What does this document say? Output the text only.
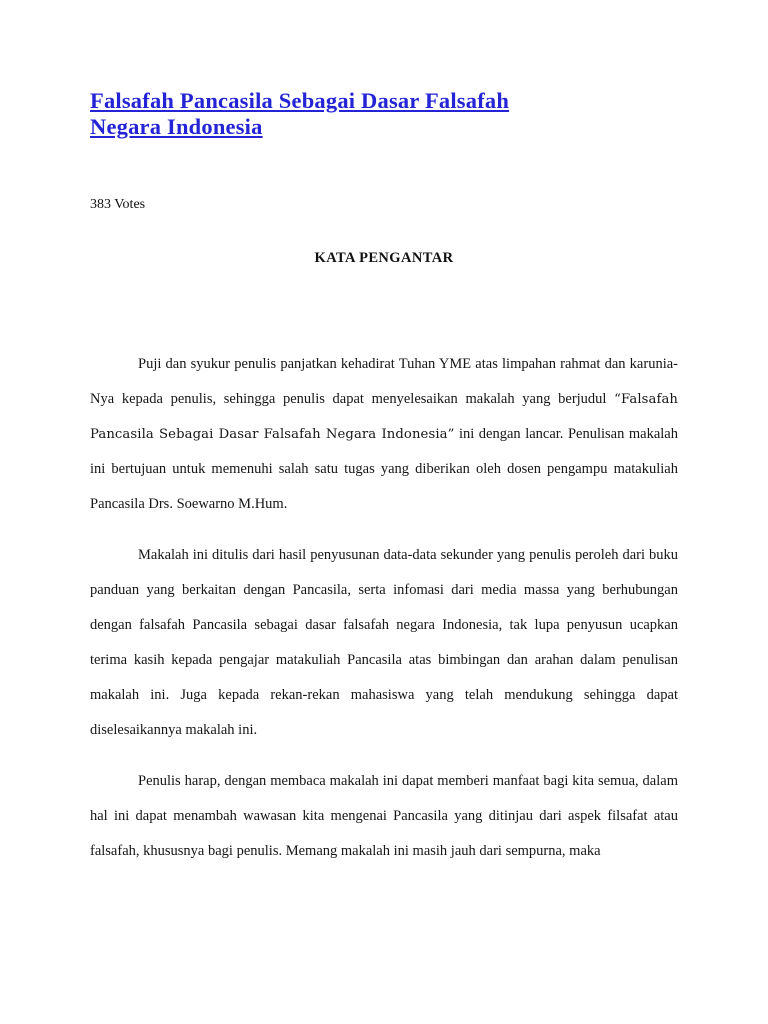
Falsafah Pancasila Sebagai Dasar Falsafah Negara Indonesia
383 Votes
KATA PENGANTAR

Puji dan syukur penulis panjatkan kehadirat Tuhan YME atas limpahan rahmat dan karunia-Nya kepada penulis, sehingga penulis dapat menyelesaikan makalah yang berjudul “Falsafah Pancasila Sebagai Dasar Falsafah Negara Indonesia” ini dengan lancar. Penulisan makalah ini bertujuan untuk memenuhi salah satu tugas yang diberikan oleh dosen pengampu matakuliah Pancasila Drs. Soewarno M.Hum.

Makalah ini ditulis dari hasil penyusunan data-data sekunder yang penulis peroleh dari buku panduan yang berkaitan dengan Pancasila, serta infomasi dari media massa yang berhubungan dengan falsafah Pancasila sebagai dasar falsafah negara Indonesia, tak lupa penyusun ucapkan terima kasih kepada pengajar matakuliah Pancasila atas bimbingan dan arahan dalam penulisan makalah ini. Juga kepada rekan-rekan mahasiswa yang telah mendukung sehingga dapat diselesaikannya makalah ini.

Penulis harap, dengan membaca makalah ini dapat memberi manfaat bagi kita semua, dalam hal ini dapat menambah wawasan kita mengenai Pancasila yang ditinjau dari aspek filsafat atau falsafah, khususnya bagi penulis. Memang makalah ini masih jauh dari sempurna, maka
